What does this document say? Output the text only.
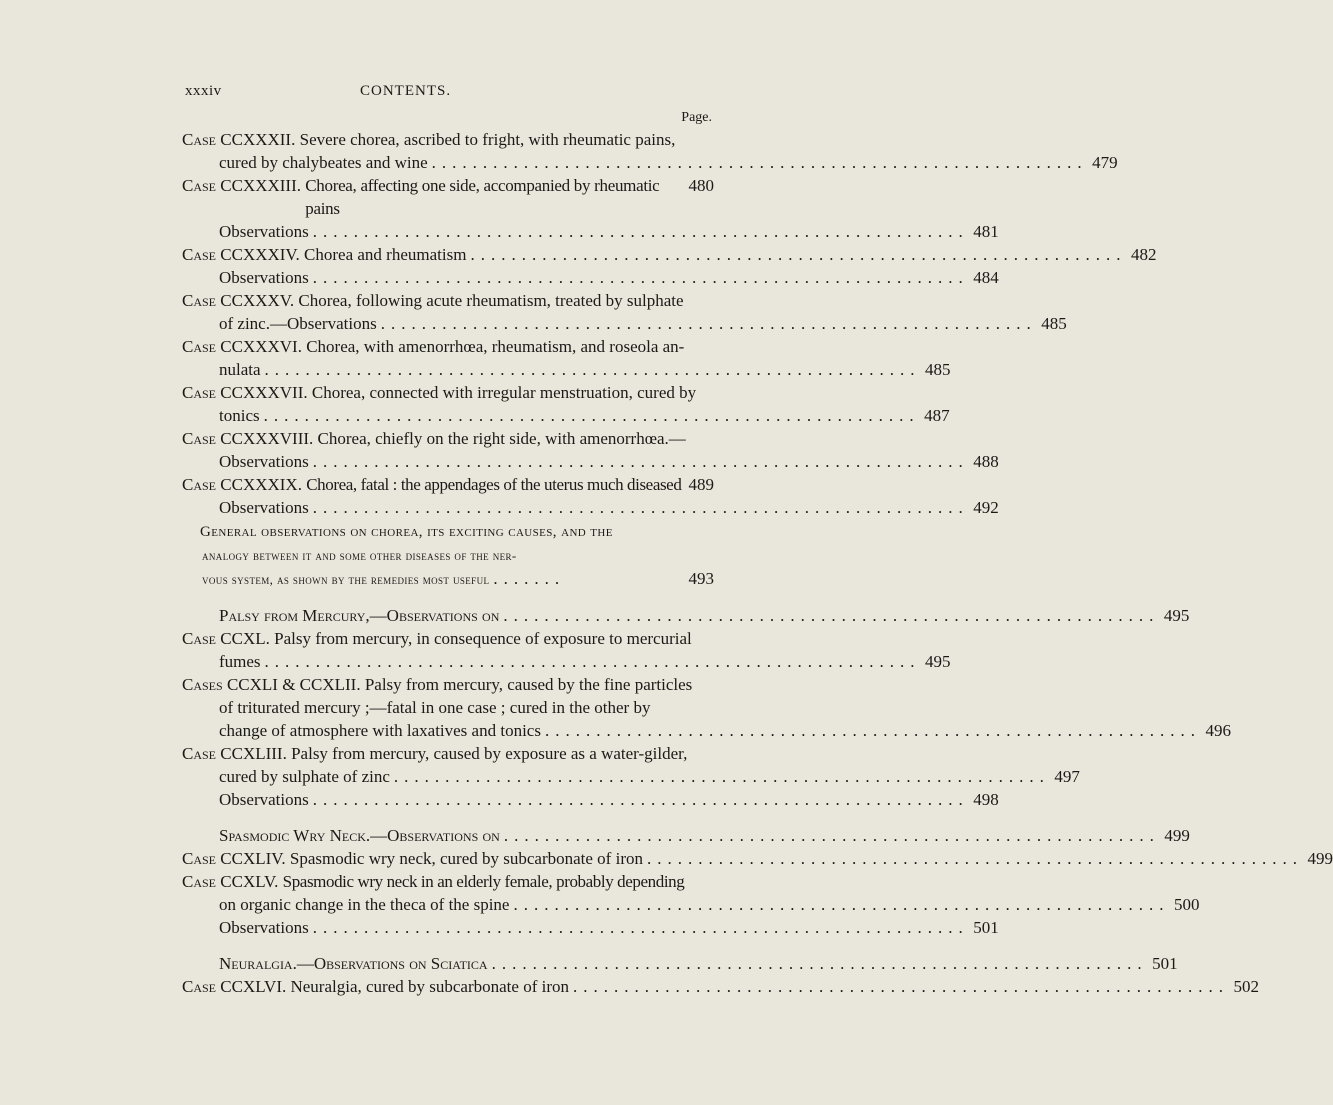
xxxiv	CONTENTS.
Page.
Case
CCXXXII.
Severe chorea, ascribed to fright, with rheumatic pains,
cured by chalybeates and wine ................................................................ 479
Case
CCXXXIII.
Chorea, affecting one side, accompanied by rheumatic pains
480
Observations ................................................................ 481
Case
CCXXXIV.
Chorea and rheumatism ................................................................ 482
Observations ................................................................ 484
Case
CCXXXV.
Chorea, following acute rheumatism, treated by sulphate
of zinc.—Observations ................................................................ 485
Case
CCXXXVI.
Chorea, with amenorrhœa, rheumatism, and roseola an-
nulata ................................................................ 485
Case
CCXXXVII.
Chorea, connected with irregular menstruation, cured by
tonics ................................................................ 487
Case
CCXXXVIII.
Chorea, chiefly on the right side, with amenorrhœa.—
Observations ................................................................ 488
Case
CCXXXIX.
Chorea, fatal : the appendages of the uterus much diseased 489
Observations ................................................................ 492
General observations on chorea, its exciting causes, and the
analogy between it and some other diseases of the ner-
vous system, as shown by the remedies most useful .......	493
Palsy from Mercury,—Observations on ................................................................ 495
Case
CCXL.
Palsy from mercury, in consequence of exposure to mercurial
fumes ................................................................ 495
Cases
CCXLI & CCXLII.
Palsy from mercury, caused by the fine particles
of triturated mercury ;—fatal in one case ; cured in the other by
change of atmosphere with laxatives and tonics ................................................................ 496
Case
CCXLIII.
Palsy from mercury, caused by exposure as a water-gilder,
cured by sulphate of zinc ................................................................ 497
Observations ................................................................ 498
Spasmodic Wry Neck.—Observations on ................................................................ 499
Case
CCXLIV.
Spasmodic wry neck, cured by subcarbonate of iron ................................................................ 499
Case
CCXLV.
Spasmodic wry neck in an elderly female, probably depending
on organic change in the theca of the spine ................................................................ 500
Observations ................................................................ 501
Neuralgia.—Observations on Sciatica ................................................................ 501
Case
CCXLVI.
Neuralgia, cured by subcarbonate of iron ................................................................ 502
